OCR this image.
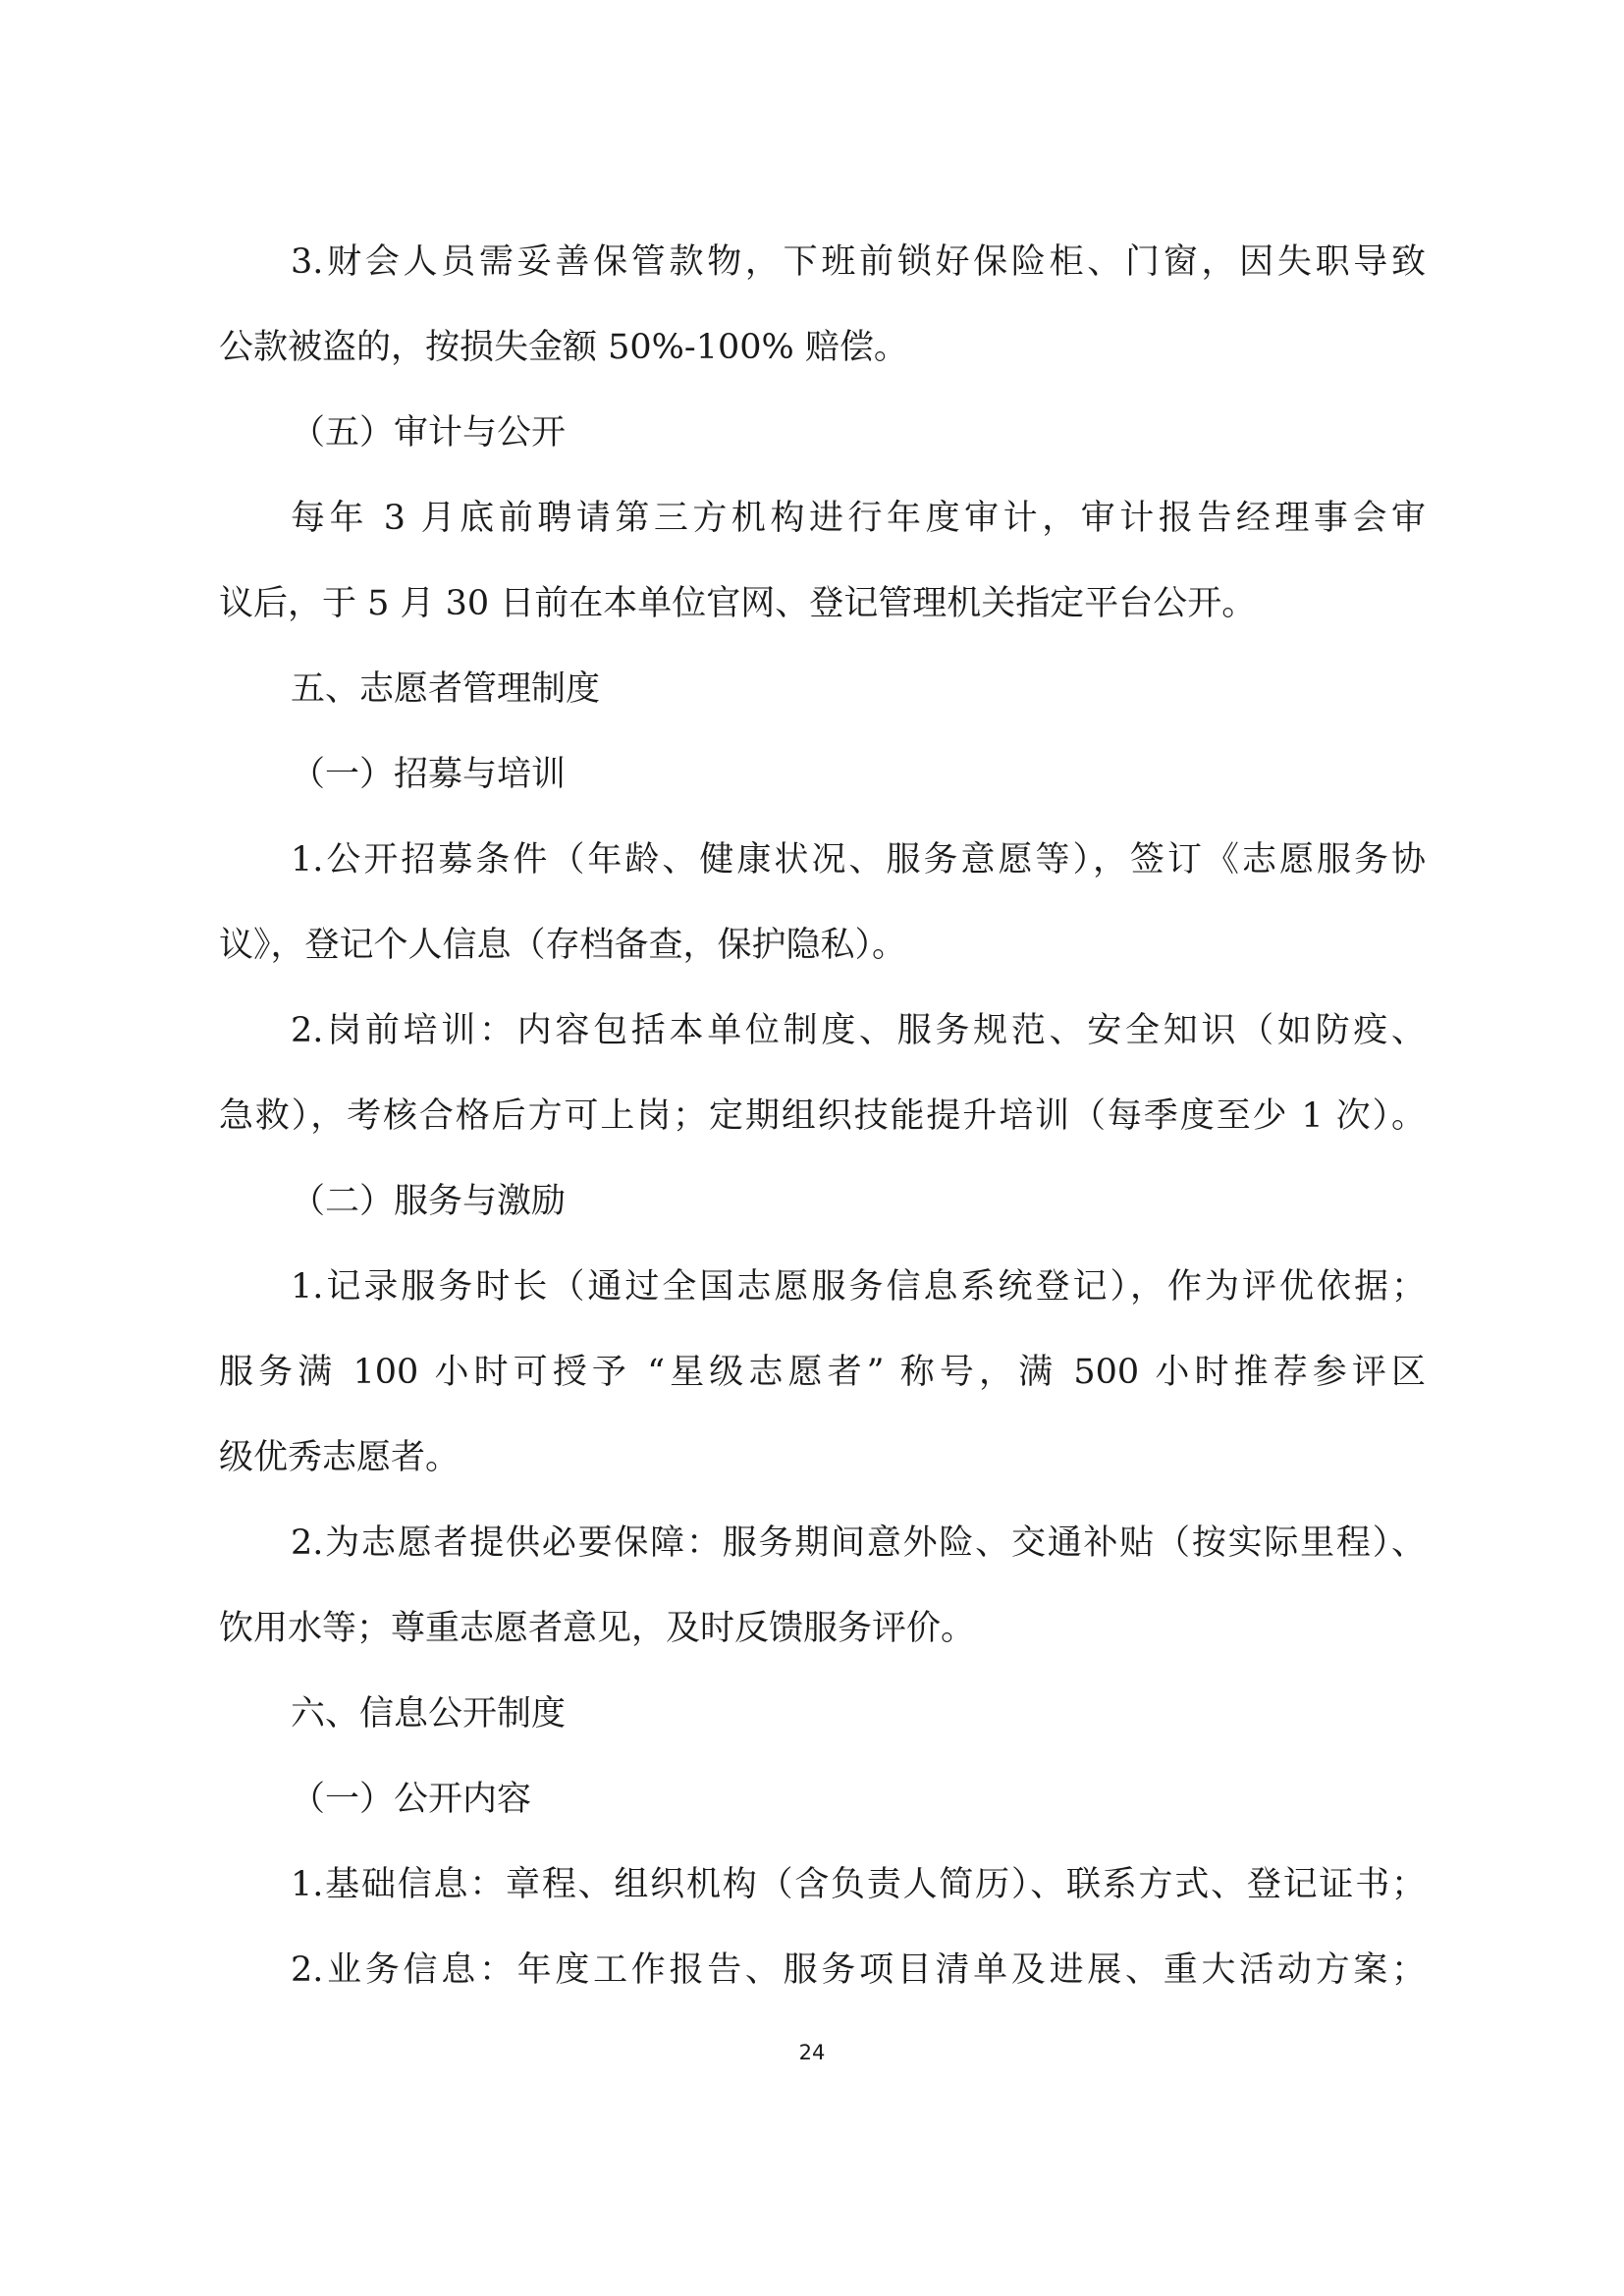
3.财会人员需妥善保管款物，下班前锁好保险柜、门窗，因失职导致
公款被盗的，按损失金额 50%-100% 赔偿。
（五）审计与公开
每年 3 月底前聘请第三方机构进行年度审计，审计报告经理事会审
议后，于 5 月 30 日前在本单位官网、登记管理机关指定平台公开。
五、志愿者管理制度
（一）招募与培训
1.公开招募条件（年龄、健康状况、服务意愿等），签订《志愿服务协
议》，登记个人信息（存档备查，保护隐私）。
2.岗前培训：内容包括本单位制度、服务规范、安全知识（如防疫、
急救），考核合格后方可上岗；定期组织技能提升培训（每季度至少 1 次）。
（二）服务与激励
1.记录服务时长（通过全国志愿服务信息系统登记），作为评优依据；
服务满 100 小时可授予 “星级志愿者” 称号，满 500 小时推荐参评区
级优秀志愿者。
2.为志愿者提供必要保障：服务期间意外险、交通补贴（按实际里程）、
饮用水等；尊重志愿者意见，及时反馈服务评价。
六、信息公开制度
（一）公开内容
1.基础信息：章程、组织机构（含负责人简历）、联系方式、登记证书；
2.业务信息：年度工作报告、服务项目清单及进展、重大活动方案；
24
